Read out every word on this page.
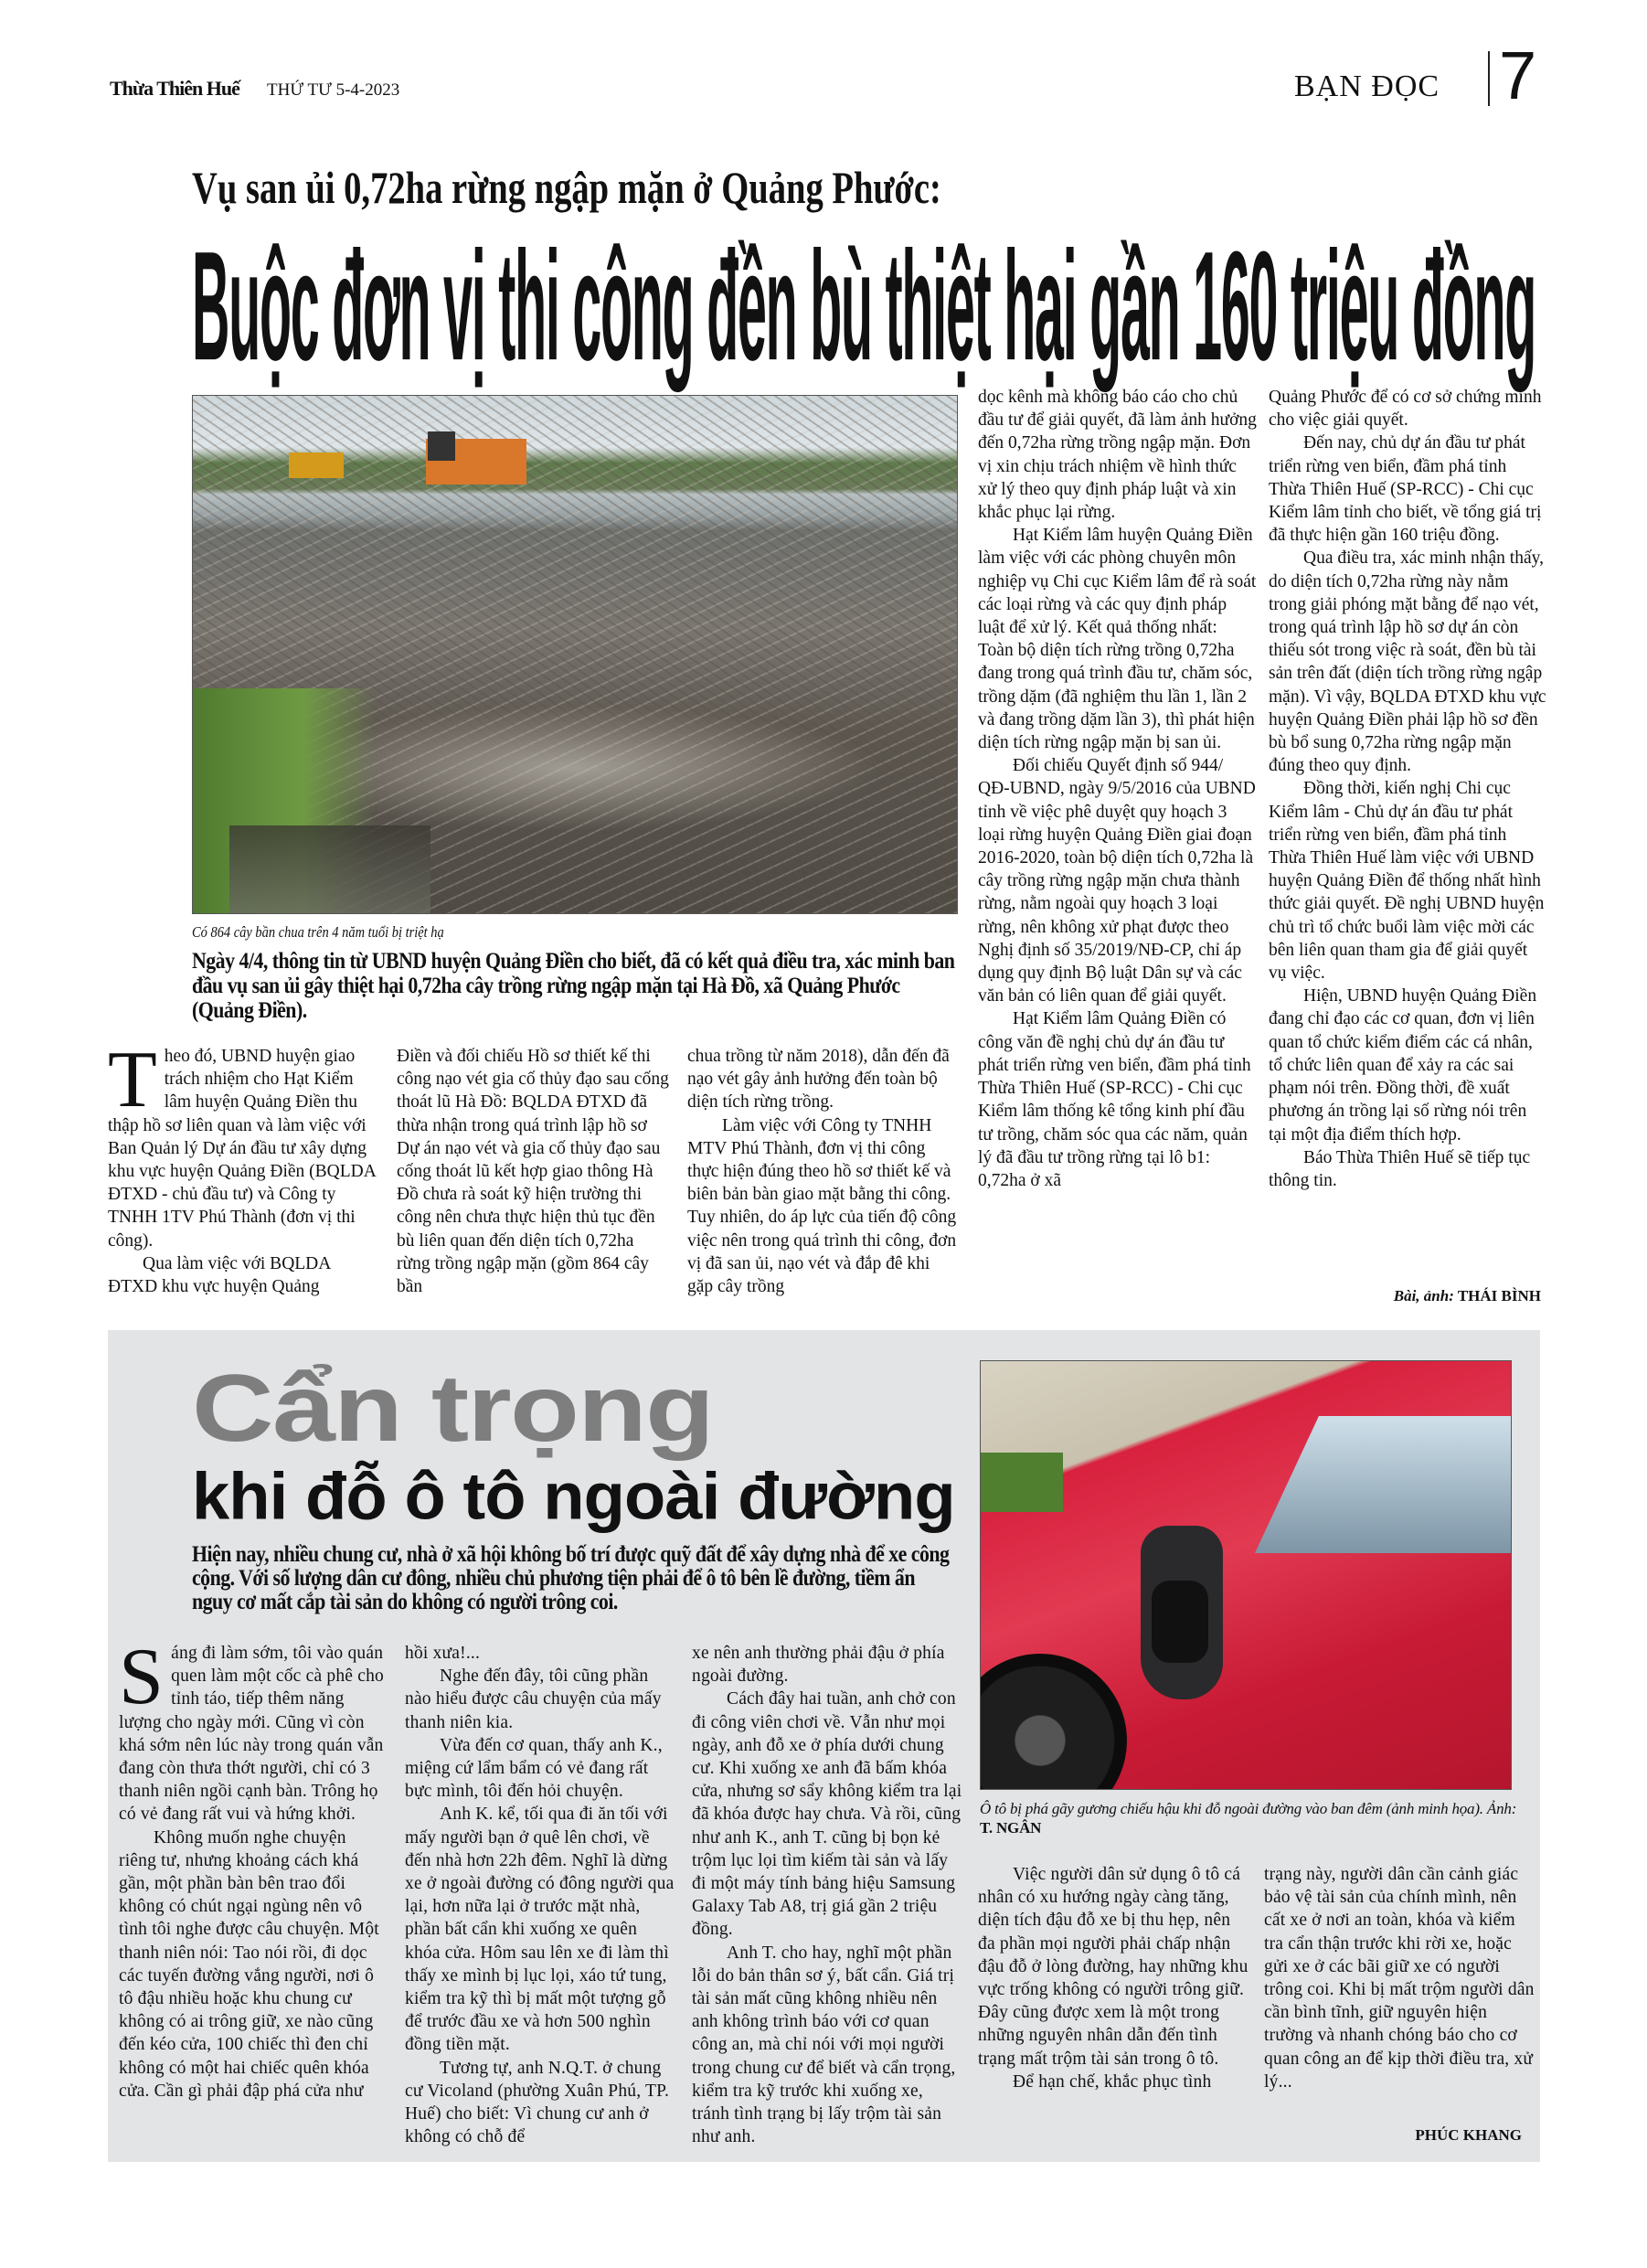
Thừa Thiên Huế THỨ TƯ 5-4-2023	BẠN ĐỌC 7
Vụ san ủi 0,72ha rừng ngập mặn ở Quảng Phước:
Buộc đơn vị thi công đền bù thiệt hại gần 160 triệu đồng
Có 864 cây bần chua trên 4 năm tuổi bị triệt hạ
Ngày 4/4, thông tin từ UBND huyện Quảng Điền cho biết, đã có kết quả điều tra, xác minh ban đầu vụ san ủi gây thiệt hại 0,72ha cây trồng rừng ngập mặn tại Hà Đồ, xã Quảng Phước (Quảng Điền).

Theo đó, UBND huyện giao trách nhiệm cho Hạt Kiểm lâm huyện Quảng Điền thu thập hồ sơ liên quan và làm việc với Ban Quản lý Dự án đầu tư xây dựng khu vực huyện Quảng Điền (BQLDA ĐTXD - chủ đầu tư) và Công ty TNHH 1TV Phú Thành (đơn vị thi công).

Qua làm việc với BQLDA ĐTXD khu vực huyện Quảng

Điền và đối chiếu Hồ sơ thiết kế thi công nạo vét gia cố thủy đạo sau cống thoát lũ Hà Đồ: BQLDA ĐTXD đã thừa nhận trong quá trình lập hồ sơ Dự án nạo vét và gia cố thủy đạo sau cống thoát lũ kết hợp giao thông Hà Đồ chưa rà soát kỹ hiện trường thi công nên chưa thực hiện thủ tục đền bù liên quan đến diện tích 0,72ha rừng trồng ngập mặn (gồm 864 cây bần

chua trồng từ năm 2018), dẫn đến đã nạo vét gây ảnh hưởng đến toàn bộ diện tích rừng trồng.

Làm việc với Công ty TNHH MTV Phú Thành, đơn vị thi công thực hiện đúng theo hồ sơ thiết kế và biên bản bàn giao mặt bằng thi công. Tuy nhiên, do áp lực của tiến độ công việc nên trong quá trình thi công, đơn vị đã san ủi, nạo vét và đắp đê khi gặp cây trồng

dọc kênh mà không báo cáo cho chủ đầu tư để giải quyết, đã làm ảnh hưởng đến 0,72ha rừng trồng ngập mặn. Đơn vị xin chịu trách nhiệm về hình thức xử lý theo quy định pháp luật và xin khắc phục lại rừng.

Hạt Kiểm lâm huyện Quảng Điền làm việc với các phòng chuyên môn nghiệp vụ Chi cục Kiểm lâm để rà soát các loại rừng và các quy định pháp luật để xử lý. Kết quả thống nhất: Toàn bộ diện tích rừng trồng 0,72ha đang trong quá trình đầu tư, chăm sóc, trồng dặm (đã nghiệm thu lần 1, lần 2 và đang trồng dặm lần 3), thì phát hiện diện tích rừng ngập mặn bị san ủi.

Đối chiếu Quyết định số 944/ QĐ-UBND, ngày 9/5/2016 của UBND tỉnh về việc phê duyệt quy hoạch 3 loại rừng huyện Quảng Điền giai đoạn 2016-2020, toàn bộ diện tích 0,72ha là cây trồng rừng ngập mặn chưa thành rừng, nằm ngoài quy hoạch 3 loại rừng, nên không xử phạt được theo Nghị định số 35/2019/NĐ-CP, chỉ áp dụng quy định Bộ luật Dân sự và các văn bản có liên quan để giải quyết.

Hạt Kiểm lâm Quảng Điền có công văn đề nghị chủ dự án đầu tư phát triển rừng ven biển, đầm phá tỉnh Thừa Thiên Huế (SP-RCC) - Chi cục Kiểm lâm thống kê tổng kinh phí đầu tư trồng, chăm sóc qua các năm, quản lý đã đầu tư trồng rừng tại lô b1: 0,72ha ở xã

Quảng Phước để có cơ sở chứng minh cho việc giải quyết.

Đến nay, chủ dự án đầu tư phát triển rừng ven biển, đầm phá tỉnh Thừa Thiên Huế (SP-RCC) - Chi cục Kiểm lâm tỉnh cho biết, về tổng giá trị đã thực hiện gần 160 triệu đồng.

Qua điều tra, xác minh nhận thấy, do diện tích 0,72ha rừng này nằm trong giải phóng mặt bằng để nạo vét, trong quá trình lập hồ sơ dự án còn thiếu sót trong việc rà soát, đền bù tài sản trên đất (diện tích trồng rừng ngập mặn). Vì vậy, BQLDA ĐTXD khu vực huyện Quảng Điền phải lập hồ sơ đền bù bổ sung 0,72ha rừng ngập mặn đúng theo quy định.

Đồng thời, kiến nghị Chi cục Kiểm lâm - Chủ dự án đầu tư phát triển rừng ven biển, đầm phá tỉnh Thừa Thiên Huế làm việc với UBND huyện Quảng Điền để thống nhất hình thức giải quyết. Đề nghị UBND huyện chủ trì tổ chức buổi làm việc mời các bên liên quan tham gia để giải quyết vụ việc.

Hiện, UBND huyện Quảng Điền đang chỉ đạo các cơ quan, đơn vị liên quan tổ chức kiểm điểm các cá nhân, tổ chức liên quan để xảy ra các sai phạm nói trên. Đồng thời, đề xuất phương án trồng lại số rừng nói trên tại một địa điểm thích hợp.

Báo Thừa Thiên Huế sẽ tiếp tục thông tin.

Bài, ảnh: THÁI BÌNH
Cẩn trọng
khi đỗ ô tô ngoài đường
Hiện nay, nhiều chung cư, nhà ở xã hội không bố trí được quỹ đất để xây dựng nhà để xe công cộng. Với số lượng dân cư đông, nhiều chủ phương tiện phải để ô tô bên lề đường, tiềm ẩn nguy cơ mất cắp tài sản do không có người trông coi.
Ô tô bị phá gãy gương chiếu hậu khi đỗ ngoài đường vào ban đêm (ảnh minh họa). Ảnh: T. NGÂN

Sáng đi làm sớm, tôi vào quán quen làm một cốc cà phê cho tỉnh táo, tiếp thêm năng lượng cho ngày mới. Cũng vì còn khá sớm nên lúc này trong quán vẫn đang còn thưa thớt người, chỉ có 3 thanh niên ngồi cạnh bàn. Trông họ có vẻ đang rất vui và hứng khởi.

Không muốn nghe chuyện riêng tư, nhưng khoảng cách khá gần, một phần bàn bên trao đổi không có chút ngại ngùng nên vô tình tôi nghe được câu chuyện. Một thanh niên nói: Tao nói rồi, đi dọc các tuyến đường vắng người, nơi ô tô đậu nhiều hoặc khu chung cư không có ai trông giữ, xe nào cũng đến kéo cửa, 100 chiếc thì đen chỉ không có một hai chiếc quên khóa cửa. Cần gì phải đập phá cửa như

hồi xưa!...

Nghe đến đây, tôi cũng phần nào hiểu được câu chuyện của mấy thanh niên kia.

Vừa đến cơ quan, thấy anh K., miệng cứ lẩm bẩm có vẻ đang rất bực mình, tôi đến hỏi chuyện.

Anh K. kể, tối qua đi ăn tối với mấy người bạn ở quê lên chơi, về đến nhà hơn 22h đêm. Nghĩ là dừng xe ở ngoài đường có đông người qua lại, hơn nữa lại ở trước mặt nhà, phần bất cẩn khi xuống xe quên khóa cửa. Hôm sau lên xe đi làm thì thấy xe mình bị lục lọi, xáo tứ tung, kiểm tra kỹ thì bị mất một tượng gỗ để trước đầu xe và hơn 500 nghìn đồng tiền mặt.

Tương tự, anh N.Q.T. ở chung cư Vicoland (phường Xuân Phú, TP. Huế) cho biết: Vì chung cư anh ở không có chỗ để

xe nên anh thường phải đậu ở phía ngoài đường.

Cách đây hai tuần, anh chở con đi công viên chơi về. Vẫn như mọi ngày, anh đỗ xe ở phía dưới chung cư. Khi xuống xe anh đã bấm khóa cửa, nhưng sơ sẩy không kiểm tra lại đã khóa được hay chưa. Và rồi, cũng như anh K., anh T. cũng bị bọn kẻ trộm lục lọi tìm kiếm tài sản và lấy đi một máy tính bảng hiệu Samsung Galaxy Tab A8, trị giá gần 2 triệu đồng.

Anh T. cho hay, nghĩ một phần lỗi do bản thân sơ ý, bất cẩn. Giá trị tài sản mất cũng không nhiều nên anh không trình báo với cơ quan công an, mà chỉ nói với mọi người trong chung cư để biết và cẩn trọng, kiểm tra kỹ trước khi xuống xe, tránh tình trạng bị lấy trộm tài sản như anh.

Việc người dân sử dụng ô tô cá nhân có xu hướng ngày càng tăng, diện tích đậu đỗ xe bị thu hẹp, nên đa phần mọi người phải chấp nhận đậu đỗ ở lòng đường, hay những khu vực trống không có người trông giữ. Đây cũng được xem là một trong những nguyên nhân dẫn đến tình trạng mất trộm tài sản trong ô tô.

Để hạn chế, khắc phục tình

trạng này, người dân cần cảnh giác bảo vệ tài sản của chính mình, nên cất xe ở nơi an toàn, khóa và kiểm tra cẩn thận trước khi rời xe, hoặc gửi xe ở các bãi giữ xe có người trông coi. Khi bị mất trộm người dân cần bình tĩnh, giữ nguyên hiện trường và nhanh chóng báo cho cơ quan công an để kịp thời điều tra, xử lý...

PHÚC KHANG
